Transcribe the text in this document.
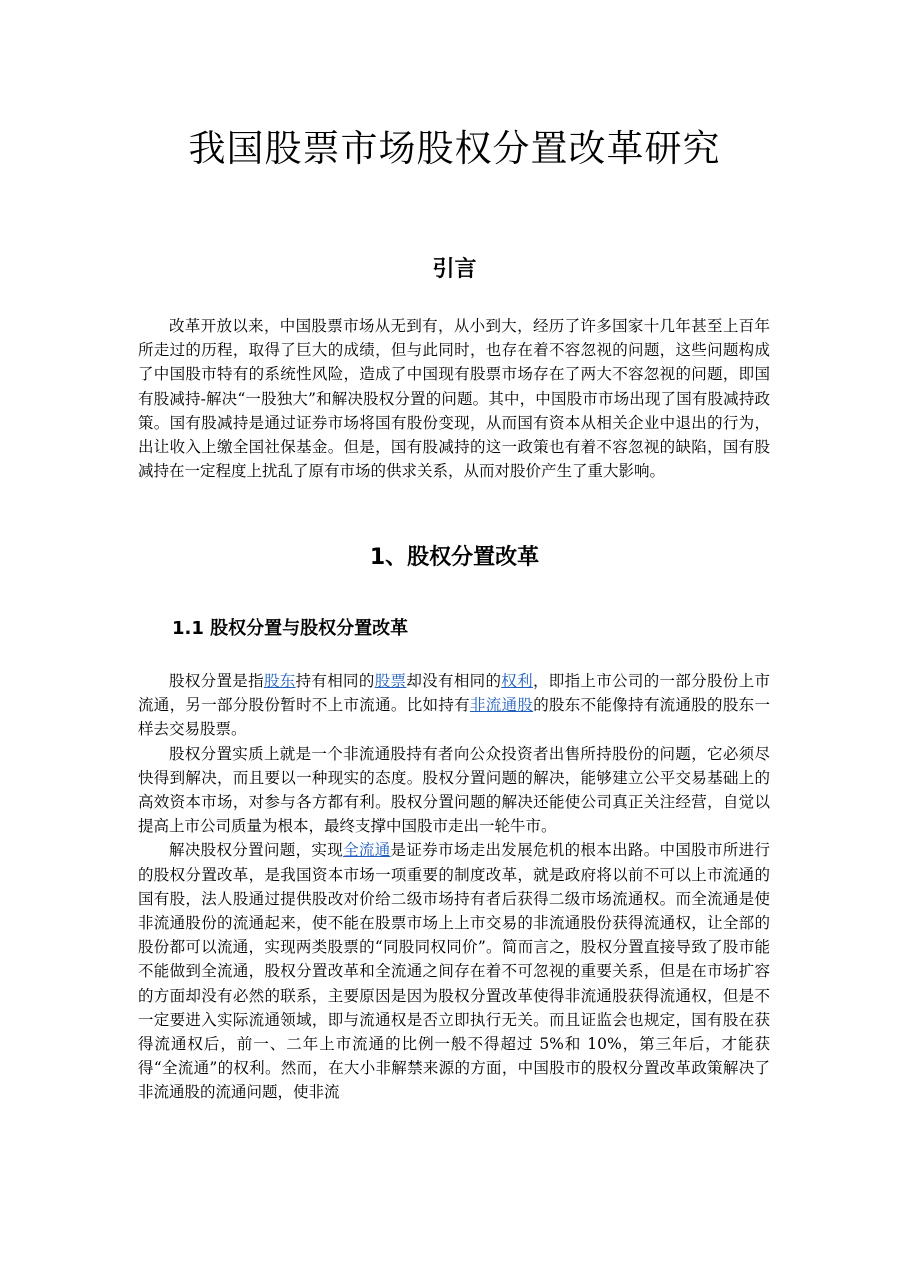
我国股票市场股权分置改革研究
引言

改革开放以来，中国股票市场从无到有，从小到大，经历了许多国家十几年甚至上百年所走过的历程，取得了巨大的成绩，但与此同时，也存在着不容忽视的问题，这些问题构成了中国股市特有的系统性风险，造成了中国现有股票市场存在了两大不容忽视的问题，即国有股减持-解决“一股独大”和解决股权分置的问题。其中，中国股市市场出现了国有股减持政策。国有股减持是通过证券市场将国有股份变现，从而国有资本从相关企业中退出的行为，出让收入上缴全国社保基金。但是，国有股减持的这一政策也有着不容忽视的缺陷，国有股减持在一定程度上扰乱了原有市场的供求关系，从而对股价产生了重大影响。

1、股权分置改革
1.1 股权分置与股权分置改革

股权分置是指股东持有相同的股票却没有相同的权利，即指上市公司的一部分股份上市流通，另一部分股份暂时不上市流通。比如持有非流通股的股东不能像持有流通股的股东一样去交易股票。

股权分置实质上就是一个非流通股持有者向公众投资者出售所持股份的问题，它必须尽快得到解决，而且要以一种现实的态度。股权分置问题的解决，能够建立公平交易基础上的高效资本市场，对参与各方都有利。股权分置问题的解决还能使公司真正关注经营，自觉以提高上市公司质量为根本，最终支撑中国股市走出一轮牛市。

解决股权分置问题，实现全流通是证券市场走出发展危机的根本出路。中国股市所进行的股权分置改革，是我国资本市场一项重要的制度改革，就是政府将以前不可以上市流通的国有股，法人股通过提供股改对价给二级市场持有者后获得二级市场流通权。而全流通是使非流通股份的流通起来，使不能在股票市场上上市交易的非流通股份获得流通权，让全部的股份都可以流通，实现两类股票的“同股同权同价”。简而言之，股权分置直接导致了股市能不能做到全流通，股权分置改革和全流通之间存在着不可忽视的重要关系，但是在市场扩容的方面却没有必然的联系，主要原因是因为股权分置改革使得非流通股获得流通权，但是不一定要进入实际流通领域，即与流通权是否立即执行无关。而且证监会也规定，国有股在获得流通权后，前一、二年上市流通的比例一般不得超过 5%和 10%，第三年后，才能获得“全流通”的权利。然而，在大小非解禁来源的方面，中国股市的股权分置改革政策解决了非流通股的流通问题，使非流
